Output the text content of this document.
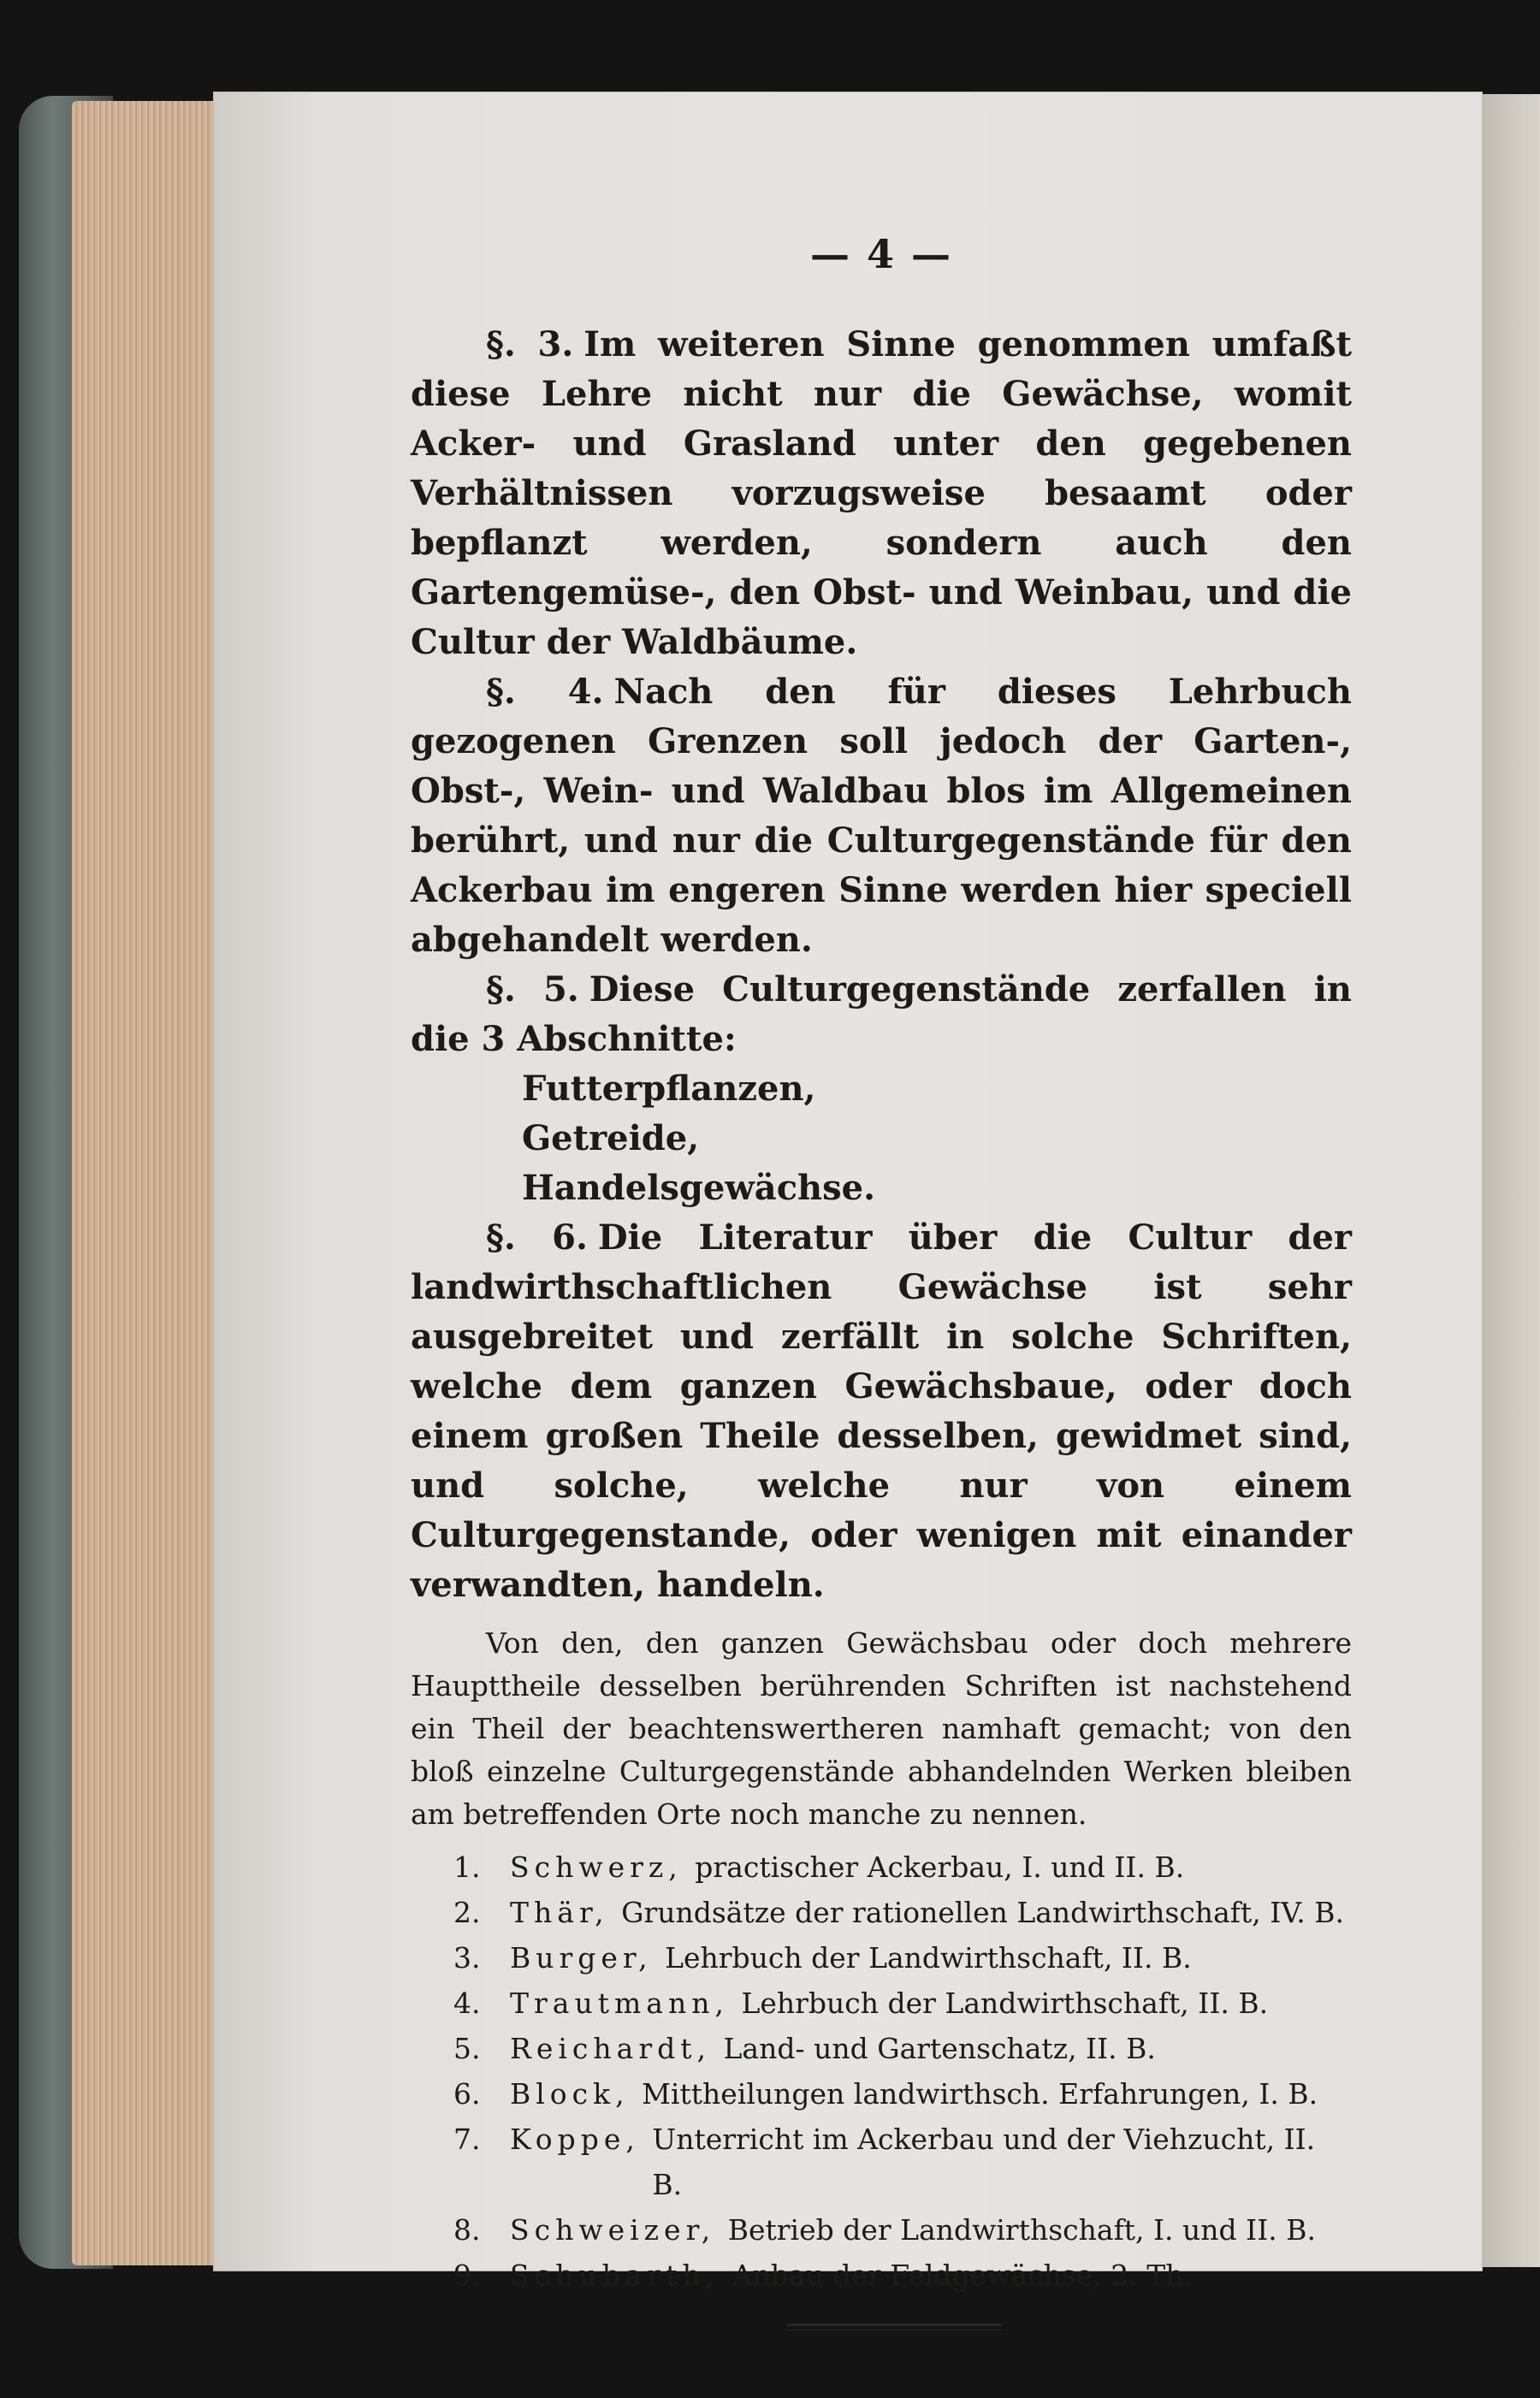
— 4 —

§. 3. Im weiteren Sinne genommen umfaßt diese Lehre nicht nur die Gewächse, womit Acker- und Grasland unter den gegebenen Verhältnissen vorzugsweise besaamt oder bepflanzt werden, sondern auch den Gartengemüse-, den Obst- und Weinbau, und die Cultur der Waldbäume.

§. 4. Nach den für dieses Lehrbuch gezogenen Grenzen soll jedoch der Garten-, Obst-, Wein- und Waldbau blos im Allgemeinen berührt, und nur die Culturgegenstände für den Ackerbau im engeren Sinne werden hier speciell abgehandelt werden.

§. 5. Diese Culturgegenstände zerfallen in die 3 Abschnitte:

Futterpflanzen,
Getreide,
Handelsgewächse.

§. 6. Die Literatur über die Cultur der landwirthschaftlichen Gewächse ist sehr ausgebreitet und zerfällt in solche Schriften, welche dem ganzen Gewächsbaue, oder doch einem großen Theile desselben, gewidmet sind, und solche, welche nur von einem Culturgegenstande, oder wenigen mit einander verwandten, handeln.

Von den, den ganzen Gewächsbau oder doch mehrere Haupttheile desselben berührenden Schriften ist nachstehend ein Theil der beachtenswertheren namhaft gemacht; von den bloß einzelne Culturgegenstände abhandelnden Werken bleiben am betreffenden Orte noch manche zu nennen.

1.	Schwerz,
practischer Ackerbau, I. und II. B.
2.	Thär,
Grundsätze der rationellen Landwirthschaft, IV. B.
3.	Burger,
Lehrbuch der Landwirthschaft, II. B.
4.	Trautmann,
Lehrbuch der Landwirthschaft, II. B.
5.	Reichardt,
Land- und Gartenschatz, II. B.
6.	Block,
Mittheilungen landwirthsch. Erfahrungen, I. B.
7.	Koppe,
Unterricht im Ackerbau und der Viehzucht, II. B.
8.	Schweizer,
Betrieb der Landwirthschaft, I. und II. B.
9.	Schubarth,
Anbau der Feldgewächse, 2. Th.
